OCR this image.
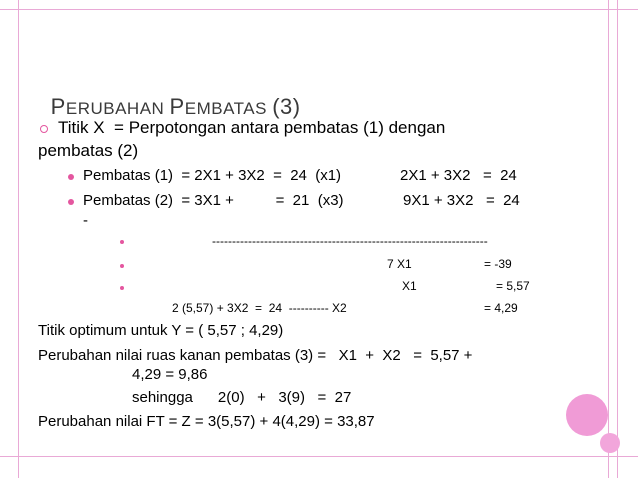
PERUBAHAN PEMBATAS (3)

Titik X  = Perpotongan antara pembatas (1) dengan
pembatas (2)
Pembatas (1)  = 2X1 + 3X2  =  24  (x1)	2X1 + 3X2   =  24
Pembatas (2)  = 3X1 +          =  21  (x3)	9X1 + 3X2   =  24
-
---------------------------------------------------------------------
7 X1	= -39
X1	= 5,57
2 (5,57) + 3X2  =  24  ---------- X2	= 4,29
Titik optimum untuk Y = ( 5,57 ; 4,29)
Perubahan nilai ruas kanan pembatas (3) =   X1  +  X2   =  5,57 +
4,29 = 9,86
sehingga      2(0)   +   3(9)   =  27
Perubahan nilai FT = Z = 3(5,57) + 4(4,29) = 33,87
